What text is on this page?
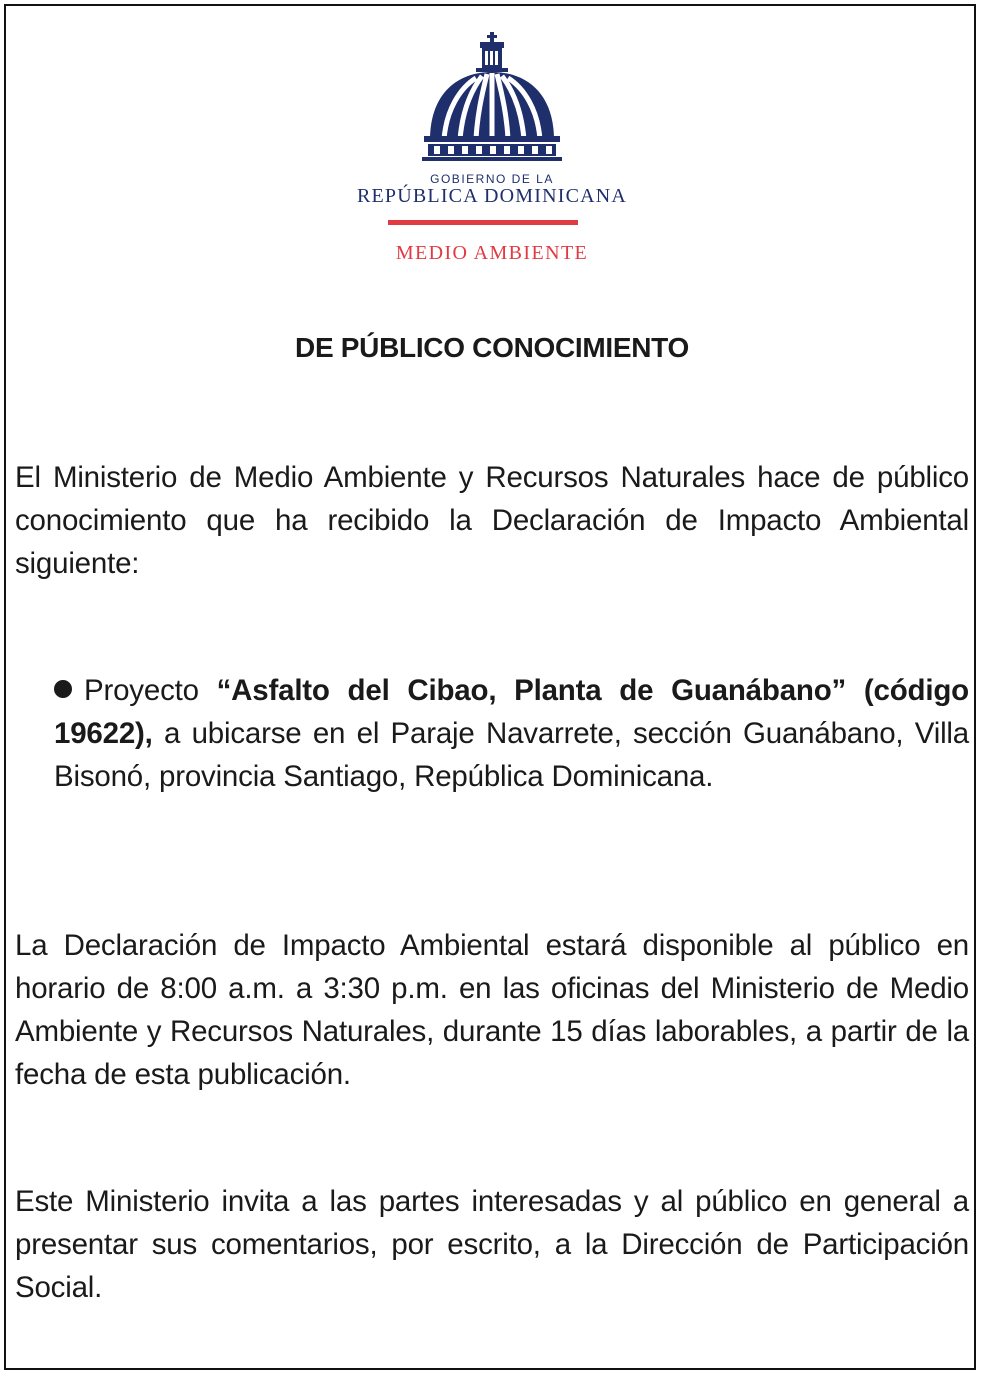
GOBIERNO DE LA
REPÚBLICA DOMINICANA
MEDIO AMBIENTE
DE PÚBLICO CONOCIMIENTO
El Ministerio de Medio Ambiente y Recursos Naturales hace de público conocimiento que ha recibido la Declaración de Impacto Ambiental siguiente:
Proyecto “Asfalto del Cibao, Planta de Guanábano” (código 19622), a ubicarse en el Paraje Navarrete, sección Guanábano, Villa Bisonó, provincia Santiago, República Dominicana.
La Declaración de Impacto Ambiental estará disponible al público en horario de 8:00 a.m. a 3:30 p.m. en las oficinas del Ministerio de Medio Ambiente y Recursos Naturales, durante 15 días laborables, a partir de la fecha de esta publicación.
Este Ministerio invita a las partes interesadas y al público en general a presentar sus comentarios, por escrito, a la Dirección de Participación Social.
